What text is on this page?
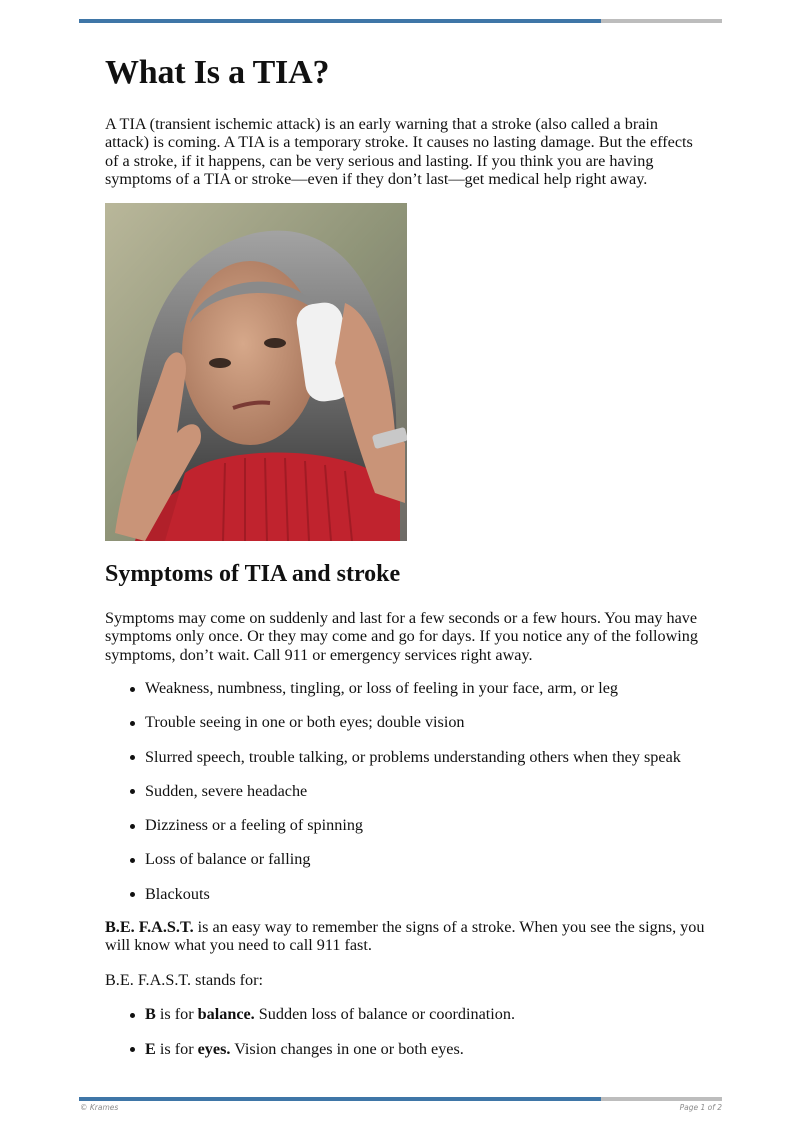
What Is a TIA?

A TIA (transient ischemic attack) is an early warning that a stroke (also called a brain attack) is coming. A TIA is a temporary stroke. It causes no lasting damage. But the effects of a stroke, if it happens, can be very serious and lasting. If you think you are having symptoms of a TIA or stroke—even if they don’t last—get medical help right away.

Symptoms of TIA and stroke

Symptoms may come on suddenly and last for a few seconds or a few hours. You may have symptoms only once. Or they may come and go for days. If you notice any of the following symptoms, don’t wait. Call 911 or emergency services right away.

Weakness, numbness, tingling, or loss of feeling in your face, arm, or leg
Trouble seeing in one or both eyes; double vision
Slurred speech, trouble talking, or problems understanding others when they speak
Sudden, severe headache
Dizziness or a feeling of spinning
Loss of balance or falling
Blackouts

B.E. F.A.S.T. is an easy way to remember the signs of a stroke. When you see the signs, you will know what you need to call 911 fast.

B.E. F.A.S.T. stands for:

B is for balance. Sudden loss of balance or coordination.
E is for eyes. Vision changes in one or both eyes.
© Krames	Page 1 of 2
